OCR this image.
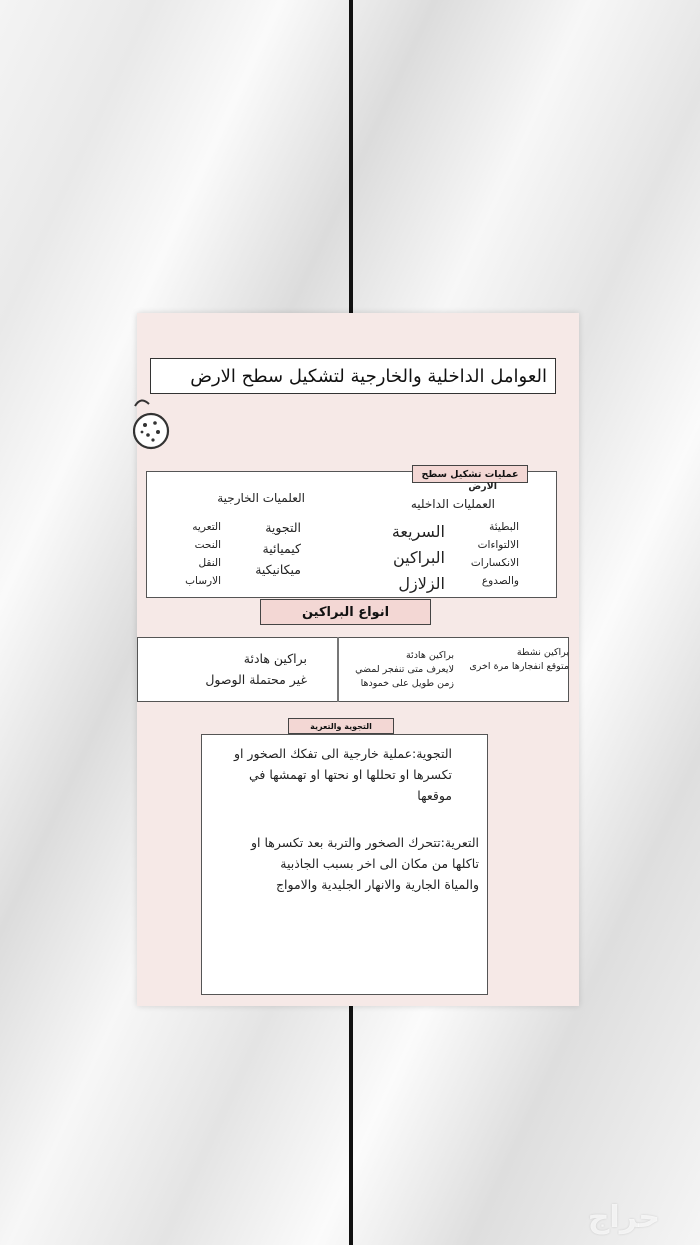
العوامل الداخلية والخارجية لتشكيل سطح الارض
عمليات تشكيل سطح
الارض
العمليات الداخليه
السريعة
البراكين
الزلازل
البطيئة
الالتواءات
الانكسارات
والصدوع
العلميات الخارجية
التجوية
كيميائية
ميكانيكية
التعريه
النحت
النقل
الارساب
انواع البراكين
براكين نشطة
متوقع انفجارها مرة اخرى
براكين هادئة
لايعرف متى تنفجر لمضي
زمن طويل على خمودها
براكين هادئة
غير محتملة الوصول
التجوية والتعرية
التجوية:عملية خارجية الى تفكك الصخور او
تكسرها او تحللها او نحتها او تهمشها في
موقعها
التعرية:تتحرك الصخور والتربة بعد تكسرها او
تاكلها من مكان الى اخر بسبب الجاذبية
والمياة الجارية والانهار الجليدية والامواج
حراج
